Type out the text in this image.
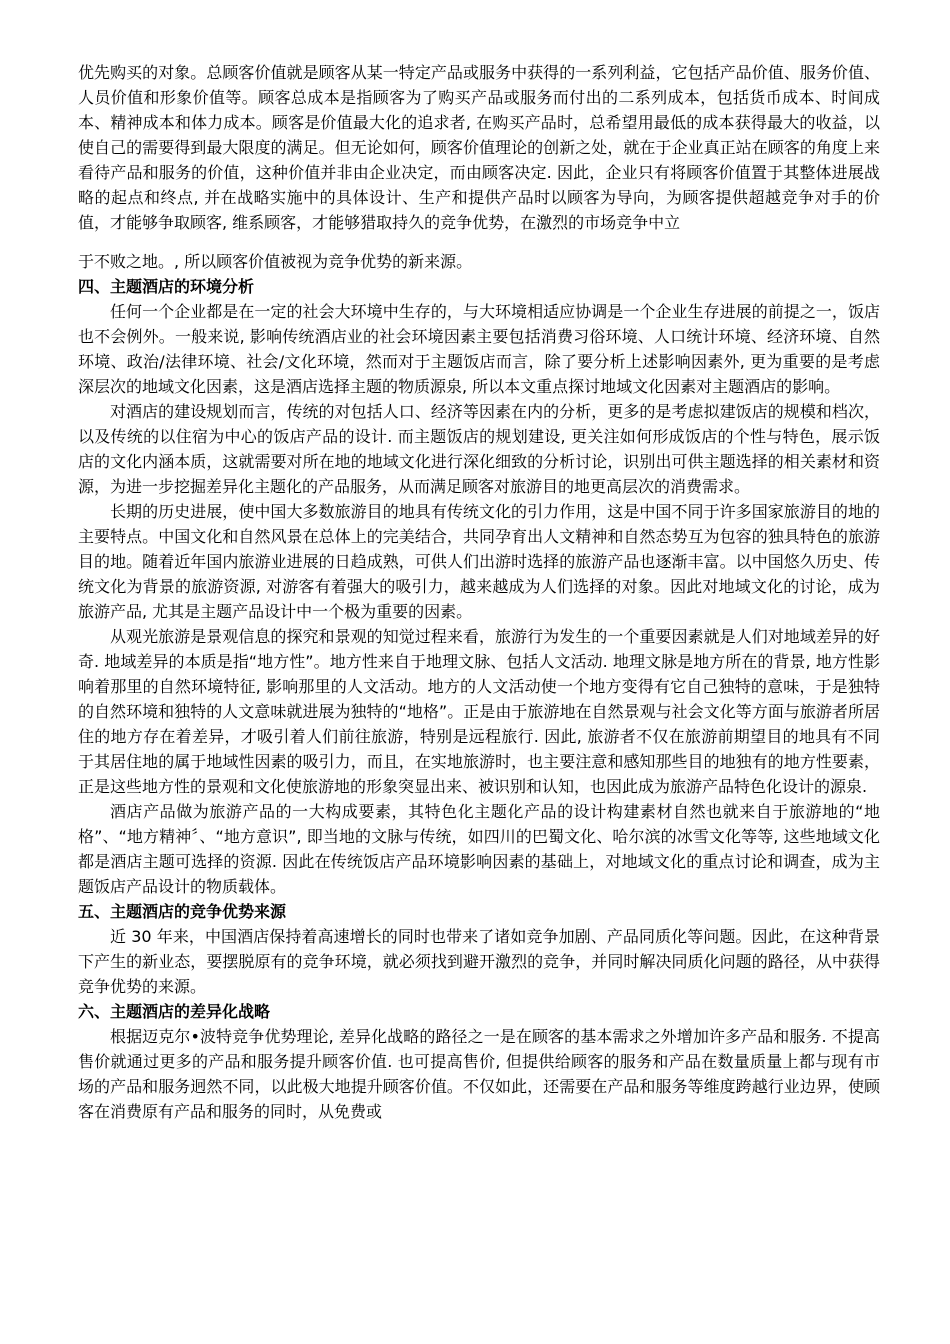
优先购买的对象。总顾客价值就是顾客从某一特定产品或服务中获得的一系列利益，它包括产品价值、服务价值、人员价值和形象价值等。顾客总成本是指顾客为了购买产品或服务而付出的二系列成本，包括货币成本、时间成本、精神成本和体力成本。顾客是价值最大化的追求者, 在购买产品时，总希望用最低的成本获得最大的收益，以使自己的需要得到最大限度的满足。但无论如何，顾客价值理论的创新之处，就在于企业真正站在顾客的角度上来看待产品和服务的价值，这种价值并非由企业决定，而由顾客决定. 因此，企业只有将顾客价值置于其整体进展战略的起点和终点, 并在战略实施中的具体设计、生产和提供产品时以顾客为导向，为顾客提供超越竞争对手的价值，才能够争取顾客, 维系顾客，才能够猎取持久的竞争优势，在激烈的市场竞争中立

于不败之地。, 所以顾客价值被视为竞争优势的新来源。

四、主题酒店的环境分析

任何一个企业都是在一定的社会大环境中生存的，与大环境相适应协调是一个企业生存进展的前提之一，饭店也不会例外。一般来说, 影响传统酒店业的社会环境因素主要包括消费习俗环境、人口统计环境、经济环境、自然环境、政治/法律环境、社会/文化环境，然而对于主题饭店而言，除了要分析上述影响因素外, 更为重要的是考虑深层次的地域文化因素，这是酒店选择主题的物质源泉, 所以本文重点探讨地域文化因素对主题酒店的影响。

对酒店的建设规划而言，传统的对包括人口、经济等因素在内的分析，更多的是考虑拟建饭店的规模和档次，以及传统的以住宿为中心的饭店产品的设计. 而主题饭店的规划建设, 更关注如何形成饭店的个性与特色，展示饭店的文化内涵本质，这就需要对所在地的地域文化进行深化细致的分析讨论，识别出可供主题选择的相关素材和资源，为进一步挖掘差异化主题化的产品服务，从而满足顾客对旅游目的地更高层次的消费需求。

长期的历史进展，使中国大多数旅游目的地具有传统文化的引力作用，这是中国不同于许多国家旅游目的地的主要特点。中国文化和自然风景在总体上的完美结合，共同孕育出人文精神和自然态势互为包容的独具特色的旅游目的地。随着近年国内旅游业进展的日趋成熟，可供人们出游时选择的旅游产品也逐渐丰富。以中国悠久历史、传统文化为背景的旅游资源, 对游客有着强大的吸引力，越来越成为人们选择的对象。因此对地域文化的讨论，成为旅游产品, 尤其是主题产品设计中一个极为重要的因素。

从观光旅游是景观信息的探究和景观的知觉过程来看，旅游行为发生的一个重要因素就是人们对地域差异的好奇. 地域差异的本质是指“地方性”。地方性来自于地理文脉、包括人文活动. 地理文脉是地方所在的背景, 地方性影响着那里的自然环境特征, 影响那里的人文活动。地方的人文活动使一个地方变得有它自己独特的意味，于是独特的自然环境和独特的人文意味就进展为独特的“地格”。正是由于旅游地在自然景观与社会文化等方面与旅游者所居住的地方存在着差异，才吸引着人们前往旅游，特别是远程旅行. 因此, 旅游者不仅在旅游前期望目的地具有不同于其居住地的属于地域性因素的吸引力，而且，在实地旅游时，也主要注意和感知那些目的地独有的地方性要素，正是这些地方性的景观和文化使旅游地的形象突显出来、被识别和认知，也因此成为旅游产品特色化设计的源泉.

酒店产品做为旅游产品的一大构成要素，其特色化主题化产品的设计构建素材自然也就来自于旅游地的“地格”、“地方精神〞、“地方意识”, 即当地的文脉与传统，如四川的巴蜀文化、哈尔滨的冰雪文化等等, 这些地域文化都是酒店主题可选择的资源. 因此在传统饭店产品环境影响因素的基础上，对地域文化的重点讨论和调查，成为主题饭店产品设计的物质载体。

五、主题酒店的竞争优势来源

近 30 年来，中国酒店保持着高速增长的同时也带来了诸如竞争加剧、产品同质化等问题。因此，在这种背景下产生的新业态，要摆脱原有的竞争环境，就必须找到避开激烈的竞争，并同时解决同质化问题的路径，从中获得竞争优势的来源。

六、主题酒店的差异化战略

根据迈克尔•波特竞争优势理论, 差异化战略的路径之一是在顾客的基本需求之外增加许多产品和服务. 不提高售价就通过更多的产品和服务提升顾客价值. 也可提高售价, 但提供给顾客的服务和产品在数量质量上都与现有市场的产品和服务迥然不同，以此极大地提升顾客价值。不仅如此，还需要在产品和服务等维度跨越行业边界，使顾客在消费原有产品和服务的同时，从免费或
